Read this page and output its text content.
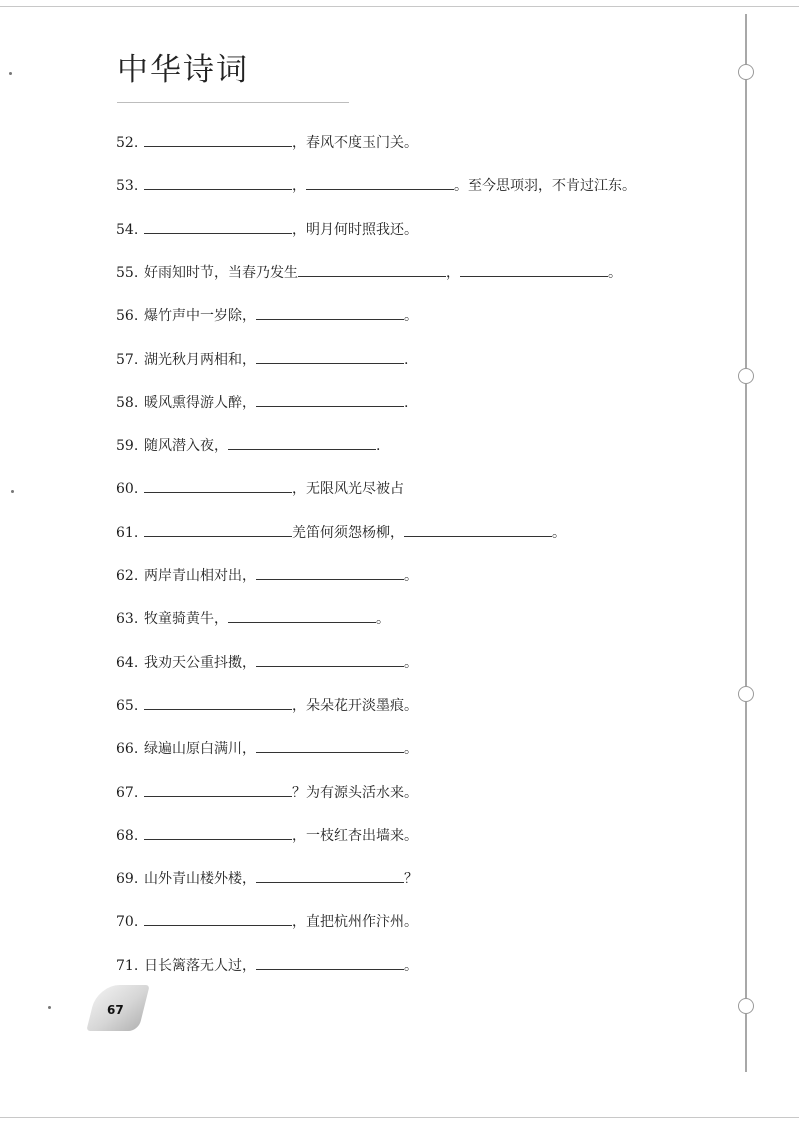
中华诗词
52.	，春风不度玉门关。
53.	，	。至今思项羽，不肯过江东。
54.	，明月何时照我还。
55. 好雨知时节，当春乃发生	，	。
56. 爆竹声中一岁除，	。
57. 湖光秋月两相和，	.
58. 暖风熏得游人醉，	.
59. 随风潜入夜，	.
60.	，无限风光尽被占
61.	羌笛何须怨杨柳，	。
62. 两岸青山相对出，	。
63. 牧童骑黄牛，	。
64. 我劝天公重抖擞，	。
65.	，朵朵花开淡墨痕。
66. 绿遍山原白满川，	。
67.	？为有源头活水来。
68.	，一枝红杏出墙来。
69. 山外青山楼外楼，	？
70.	，直把杭州作汴州。
71. 日长篱落无人过，	。
67
